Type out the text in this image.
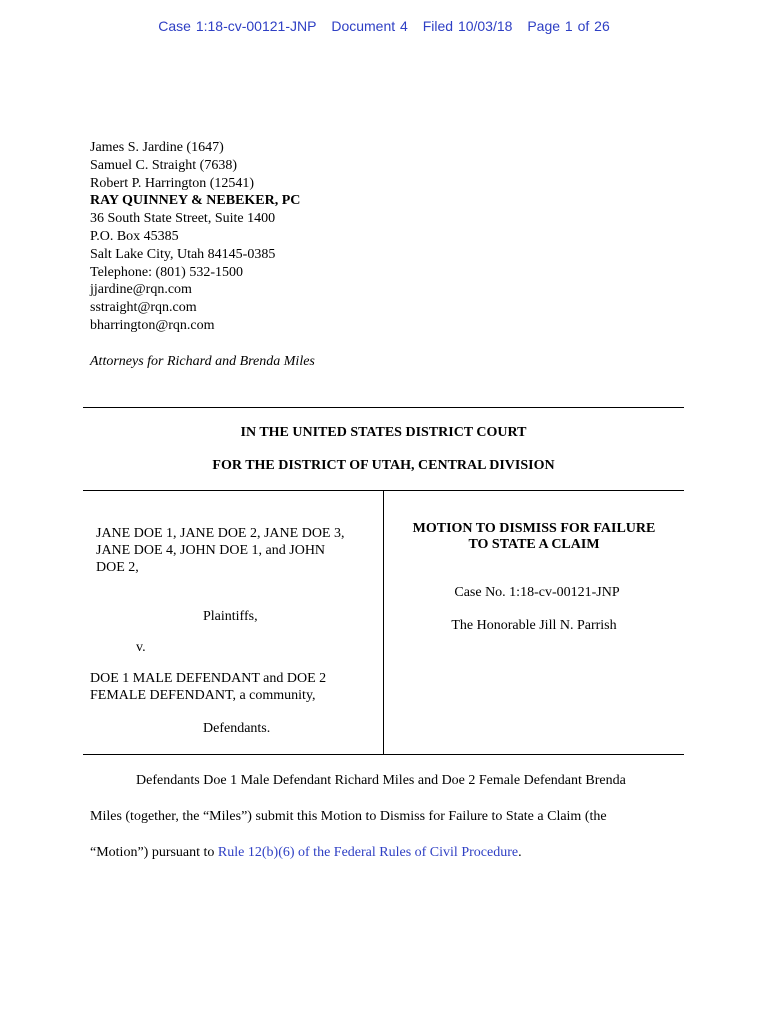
Case 1:18-cv-00121-JNP Document 4 Filed 10/03/18 Page 1 of 26
James S. Jardine (1647)
Samuel C. Straight (7638)
Robert P. Harrington (12541)
RAY QUINNEY & NEBEKER, PC
36 South State Street, Suite 1400
P.O. Box 45385
Salt Lake City, Utah 84145-0385
Telephone: (801) 532-1500
jjardine@rqn.com
sstraight@rqn.com
bharrington@rqn.com
Attorneys for Richard and Brenda Miles
IN THE UNITED STATES DISTRICT COURT
FOR THE DISTRICT OF UTAH, CENTRAL DIVISION
JANE DOE 1, JANE DOE 2, JANE DOE 3,
JANE DOE 4, JOHN DOE 1, and JOHN
DOE 2,
Plaintiffs,
v.
DOE 1 MALE DEFENDANT and DOE 2
FEMALE DEFENDANT, a community,
Defendants.
MOTION TO DISMISS FOR FAILURE
TO STATE A CLAIM
Case No. 1:18-cv-00121-JNP
The Honorable Jill N. Parrish

Defendants Doe 1 Male Defendant Richard Miles and Doe 2 Female Defendant Brenda

Miles (together, the “Miles”) submit this Motion to Dismiss for Failure to State a Claim (the

“Motion”) pursuant to Rule 12(b)(6) of the Federal Rules of Civil Procedure.
